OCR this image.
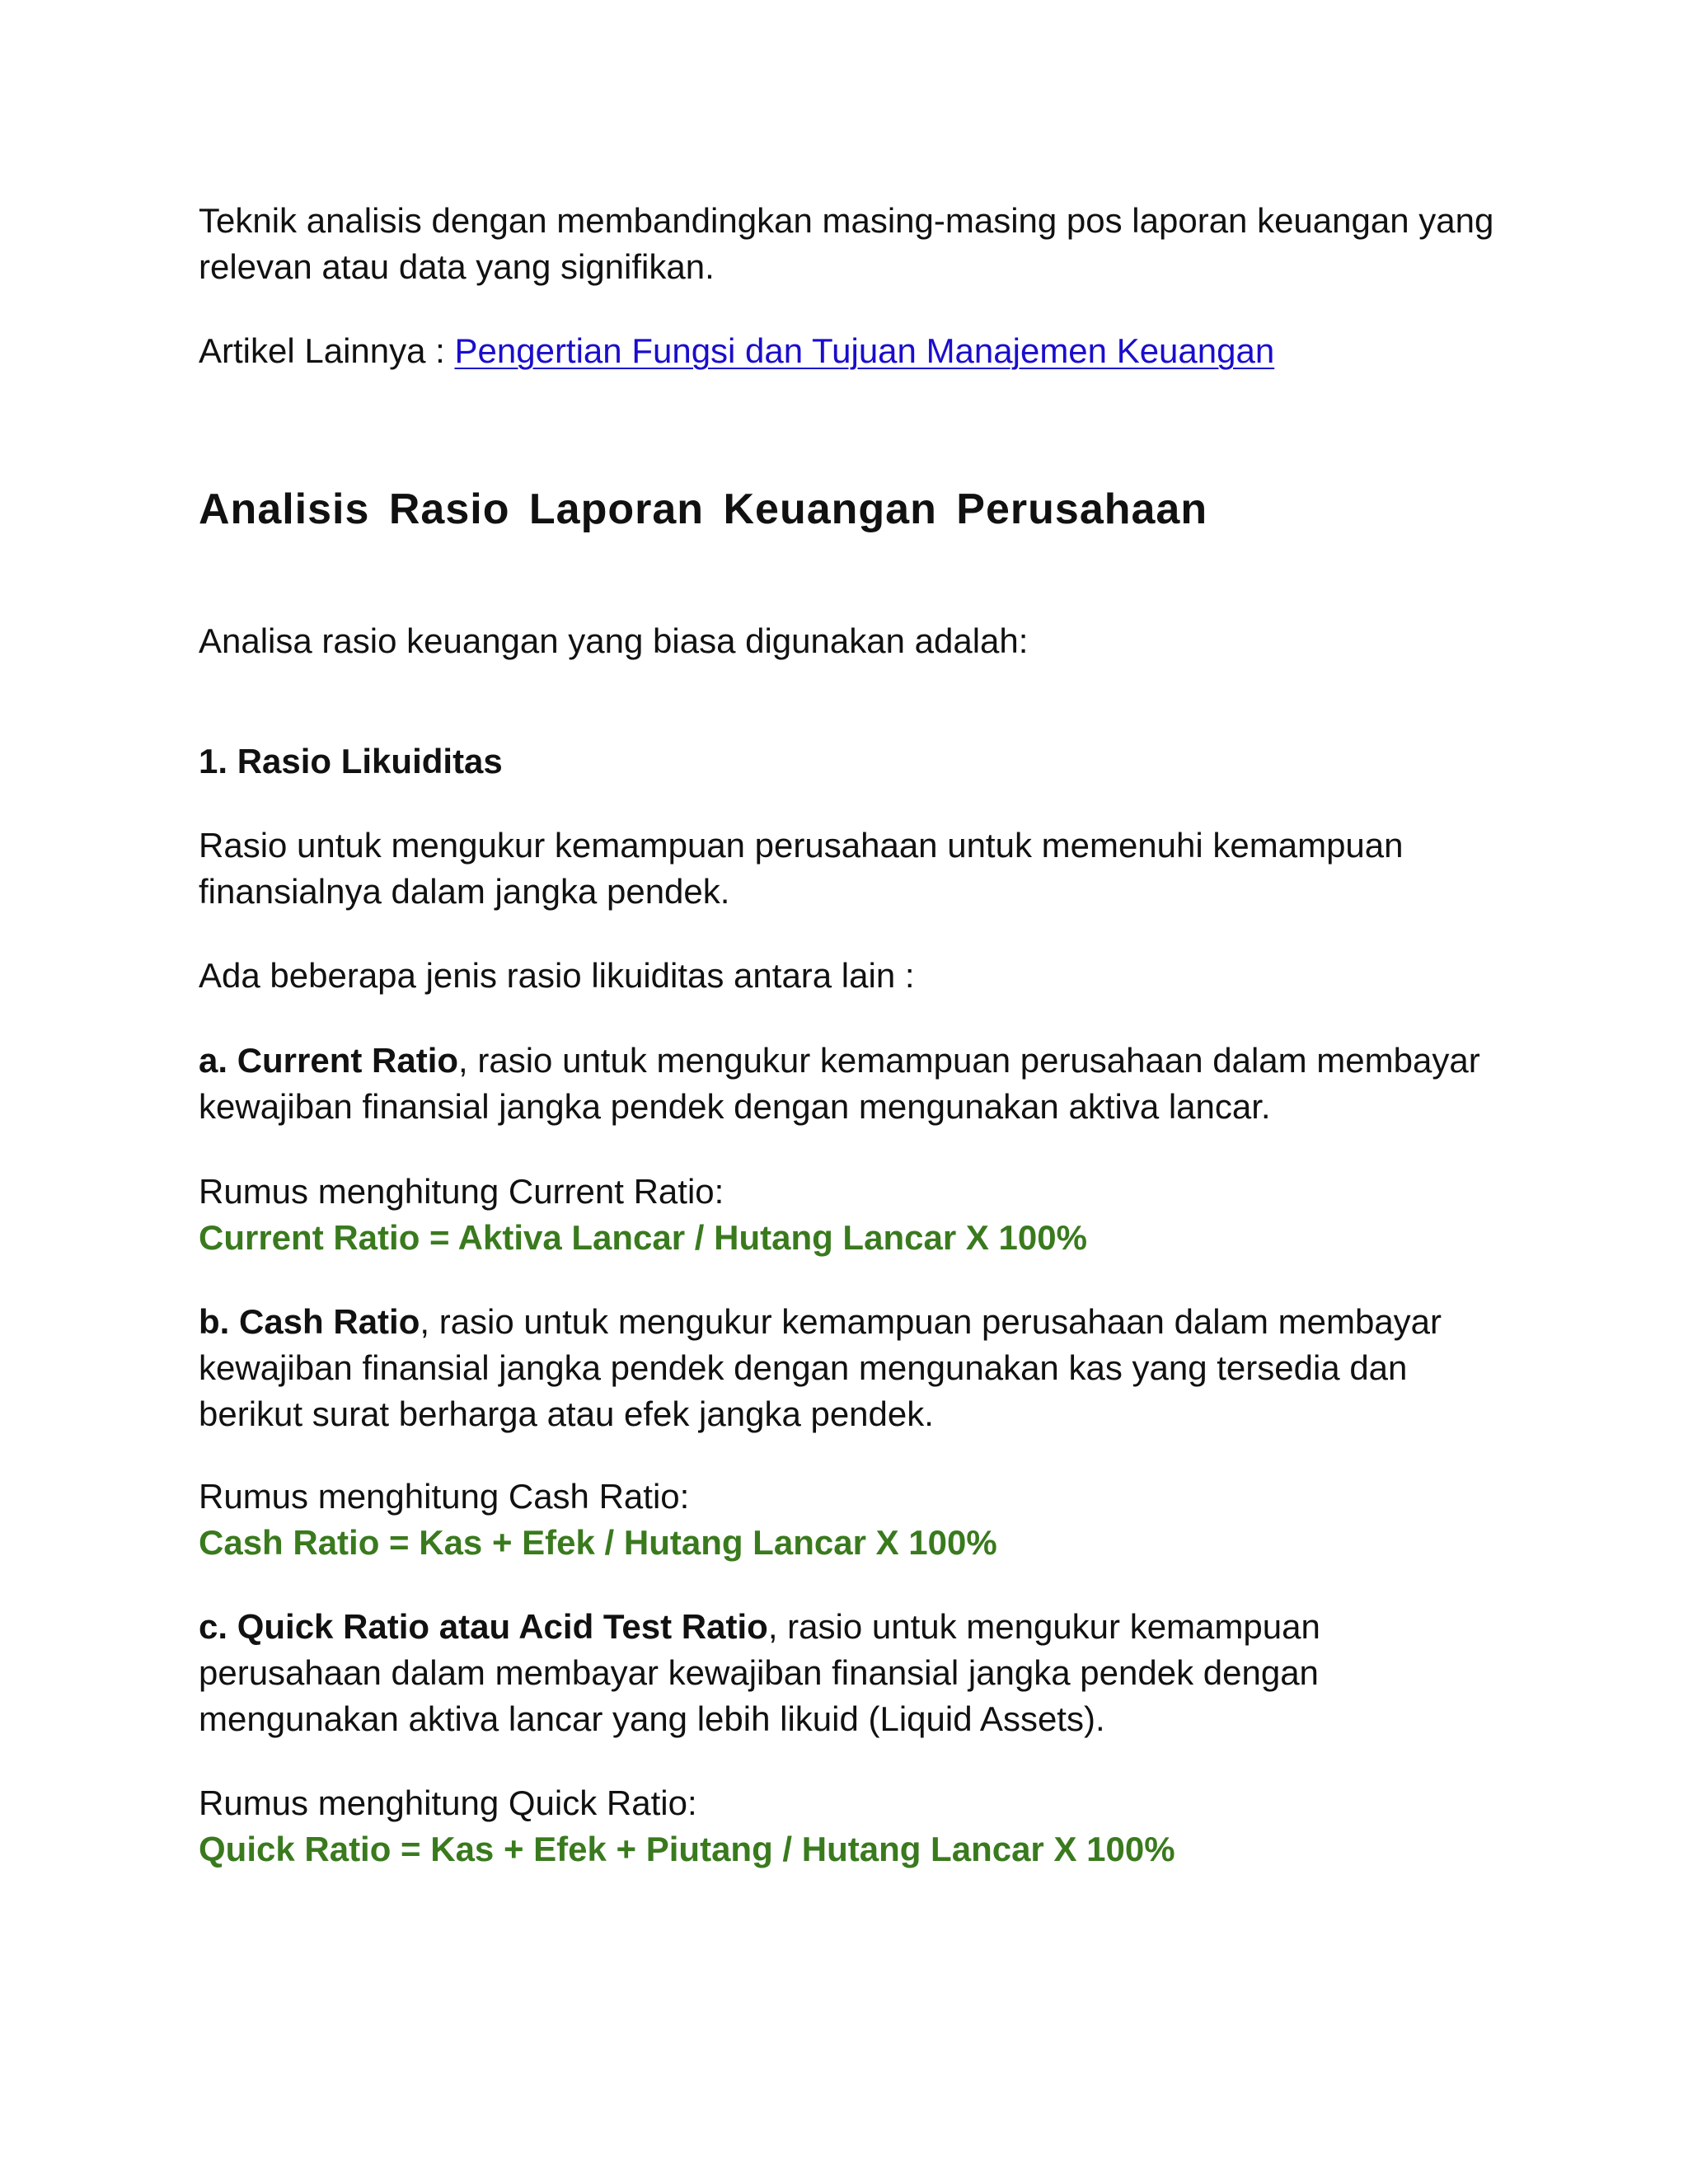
Teknik analisis dengan membandingkan masing-masing pos laporan keuangan yang

relevan atau data yang signifikan.

Artikel Lainnya : Pengertian Fungsi dan Tujuan Manajemen Keuangan

Analisis Rasio Laporan Keuangan Perusahaan

Analisa rasio keuangan yang biasa digunakan adalah:

1. Rasio Likuiditas

Rasio untuk mengukur kemampuan perusahaan untuk memenuhi kemampuan

finansialnya dalam jangka pendek.

Ada beberapa jenis rasio likuiditas antara lain :

a. Current Ratio, rasio untuk mengukur kemampuan perusahaan dalam membayar

kewajiban finansial jangka pendek dengan mengunakan aktiva lancar.

Rumus menghitung Current Ratio:

Current Ratio = Aktiva Lancar / Hutang Lancar X 100%

b. Cash Ratio, rasio untuk mengukur kemampuan perusahaan dalam membayar

kewajiban finansial jangka pendek dengan mengunakan kas yang tersedia dan

berikut surat berharga atau efek jangka pendek.

Rumus menghitung Cash Ratio:

Cash Ratio = Kas + Efek / Hutang Lancar X 100%

c. Quick Ratio atau Acid Test Ratio, rasio untuk mengukur kemampuan

perusahaan dalam membayar kewajiban finansial jangka pendek dengan

mengunakan aktiva lancar yang lebih likuid (Liquid Assets).

Rumus menghitung Quick Ratio:

Quick Ratio = Kas + Efek + Piutang / Hutang Lancar X 100%
